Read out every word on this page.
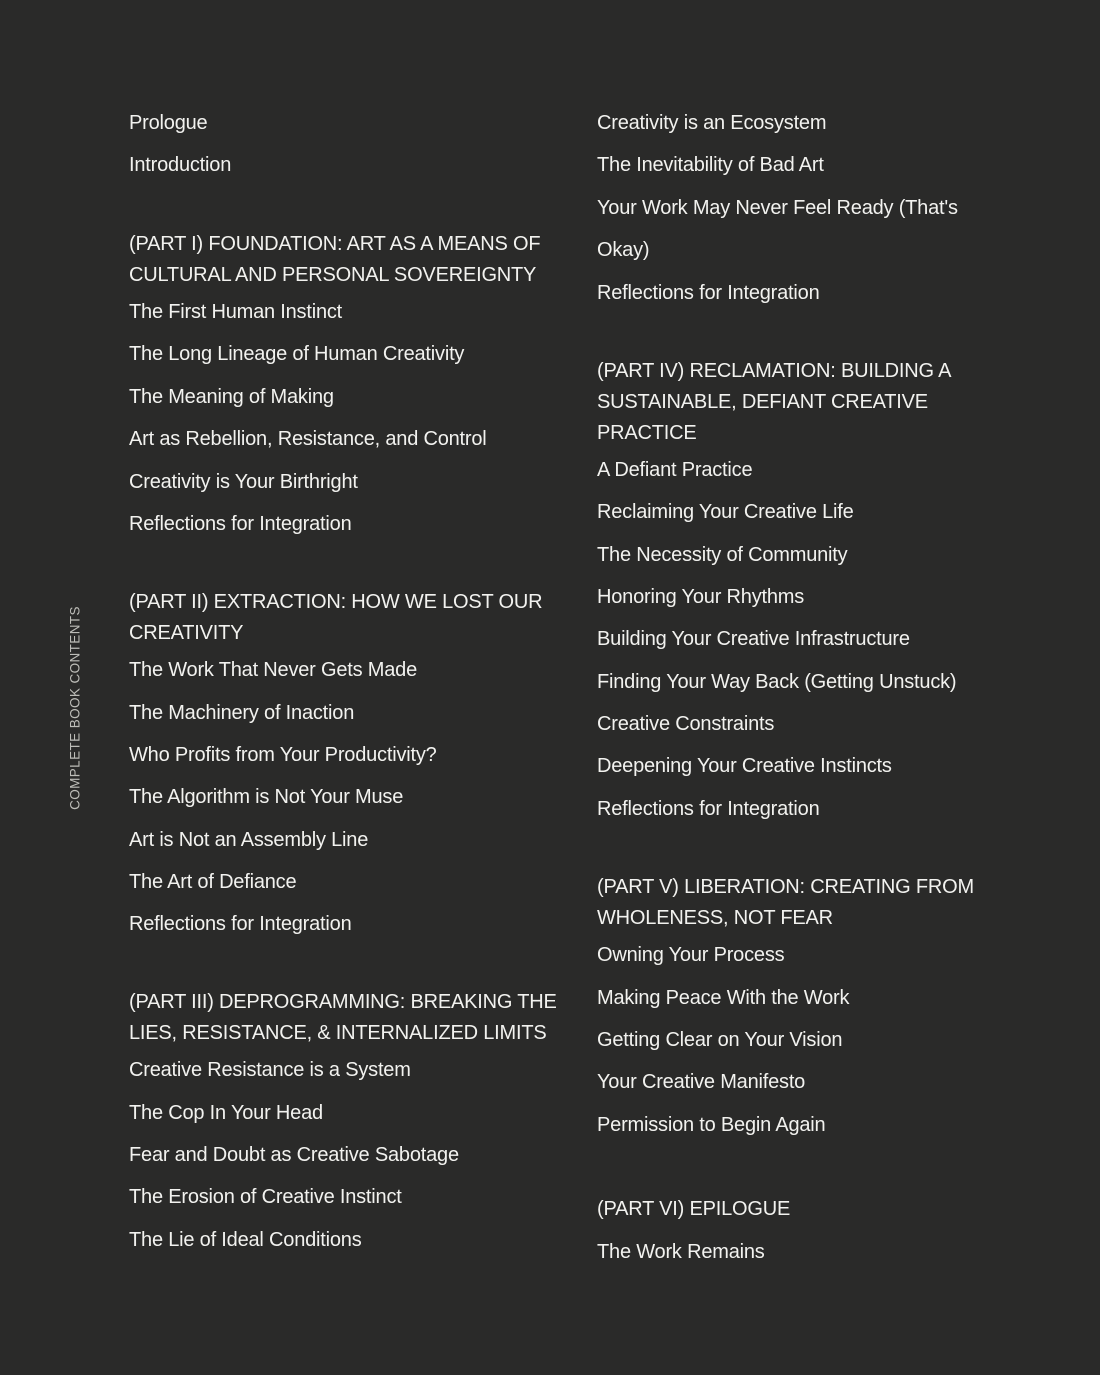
COMPLETE BOOK CONTENTS
Prologue
Introduction
(PART I) FOUNDATION: ART AS A MEANS OF
CULTURAL AND PERSONAL SOVEREIGNTY
The First Human Instinct
The Long Lineage of Human Creativity
The Meaning of Making
Art as Rebellion, Resistance, and Control
Creativity is Your Birthright
Reflections for Integration
(PART II) EXTRACTION: HOW WE LOST OUR
CREATIVITY
The Work That Never Gets Made
The Machinery of Inaction
Who Profits from Your Productivity?
The Algorithm is Not Your Muse
Art is Not an Assembly Line
The Art of Defiance
Reflections for Integration
(PART III) DEPROGRAMMING: BREAKING THE
LIES, RESISTANCE, & INTERNALIZED LIMITS
Creative Resistance is a System
The Cop In Your Head
Fear and Doubt as Creative Sabotage
The Erosion of Creative Instinct
The Lie of Ideal Conditions
Creativity is an Ecosystem
The Inevitability of Bad Art
Your Work May Never Feel Ready (That's
Okay)
Reflections for Integration
(PART IV) RECLAMATION: BUILDING A
SUSTAINABLE, DEFIANT CREATIVE
PRACTICE
A Defiant Practice
Reclaiming Your Creative Life
The Necessity of Community
Honoring Your Rhythms
Building Your Creative Infrastructure
Finding Your Way Back (Getting Unstuck)
Creative Constraints
Deepening Your Creative Instincts
Reflections for Integration
(PART V) LIBERATION: CREATING FROM
WHOLENESS, NOT FEAR
Owning Your Process
Making Peace With the Work
Getting Clear on Your Vision
Your Creative Manifesto
Permission to Begin Again
(PART VI) EPILOGUE
The Work Remains
